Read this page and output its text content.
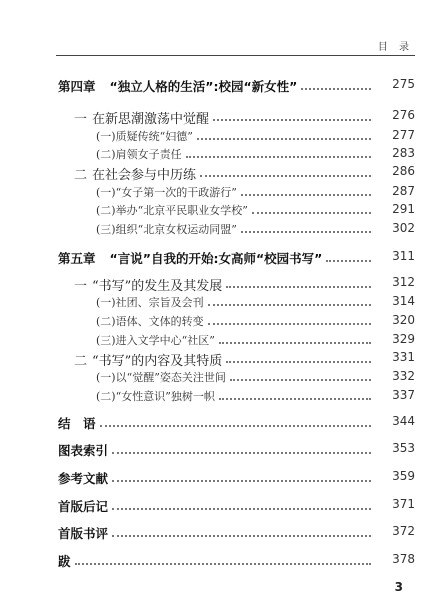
目 录
第四章 “独立人格的生活”:校园“新女性”	275
一 在新思潮激荡中觉醒	276
(一)质疑传统“妇德”	277
(二)肩领女子责任	283
二 在社会参与中历练	286
(一)“女子第一次的干政游行”	287
(二)举办“北京平民职业女学校”	291
(三)组织“北京女权运动同盟”	302
第五章 “言说”自我的开始:女高师“校园书写”	311
一 “书写”的发生及其发展	312
(一)社团、宗旨及会刊	314
(二)语体、文体的转变	320
(三)进入文学中心“社区”	329
二 “书写”的内容及其特质	331
(一)以“觉醒”姿态关注世间	332
(二)“女性意识”独树一帜	337
结　语	344
图表索引	353
参考文献	359
首版后记	371
首版书评	372
跋	378
3
